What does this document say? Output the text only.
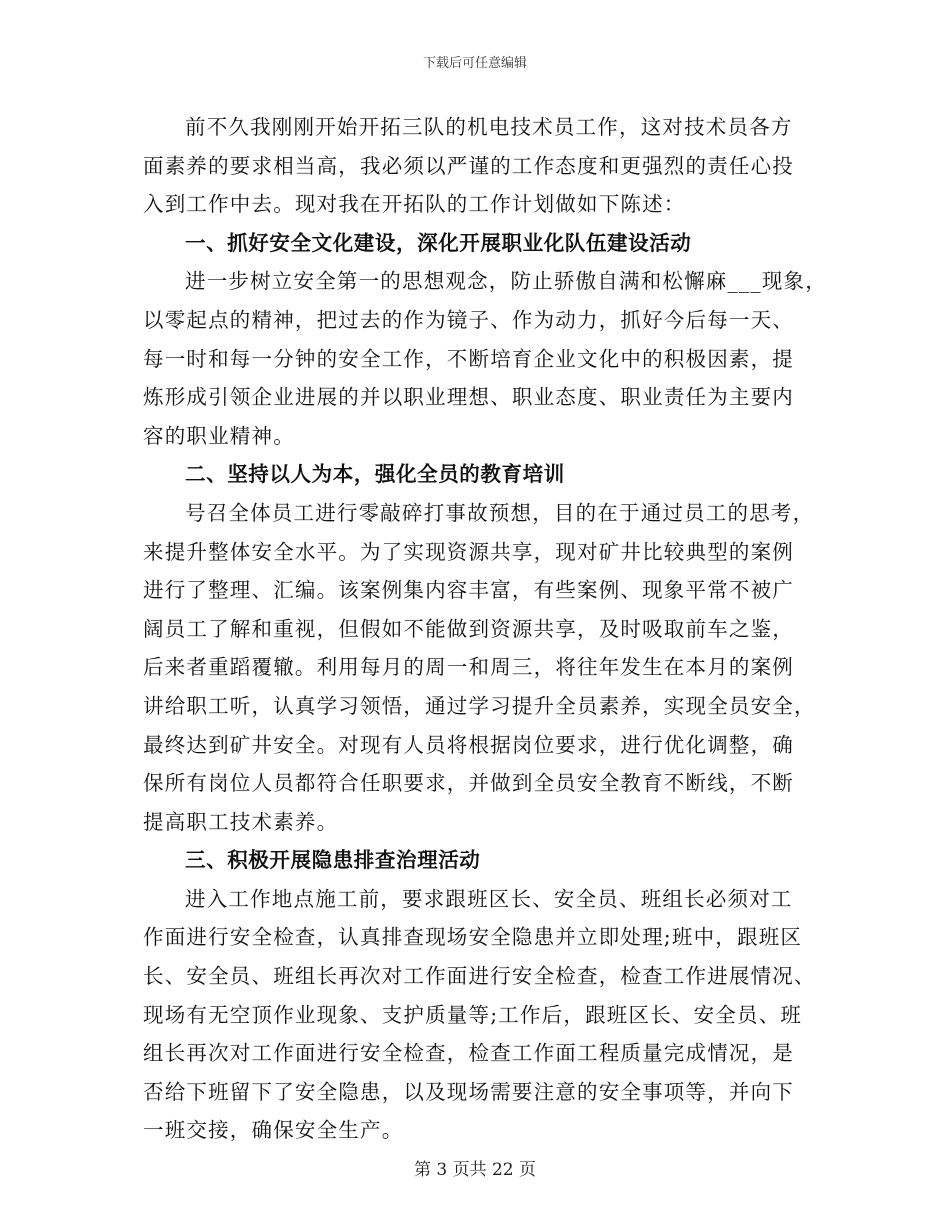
下载后可任意编辑
前不久我刚刚开始开拓三队的机电技术员工作，这对技术员各方
面素养的要求相当高，我必须以严谨的工作态度和更强烈的责任心投
入到工作中去。现对我在开拓队的工作计划做如下陈述：
一、抓好安全文化建设，深化开展职业化队伍建设活动
进一步树立安全第一的思想观念，防止骄傲自满和松懈麻___现象，
以零起点的精神，把过去的作为镜子、作为动力，抓好今后每一天、
每一时和每一分钟的安全工作，不断培育企业文化中的积极因素，提
炼形成引领企业进展的并以职业理想、职业态度、职业责任为主要内
容的职业精神。
二、坚持以人为本，强化全员的教育培训
号召全体员工进行零敲碎打事故预想，目的在于通过员工的思考，
来提升整体安全水平。为了实现资源共享，现对矿井比较典型的案例
进行了整理、汇编。该案例集内容丰富，有些案例、现象平常不被广
阔员工了解和重视，但假如不能做到资源共享，及时吸取前车之鉴，
后来者重蹈覆辙。利用每月的周一和周三，将往年发生在本月的案例
讲给职工听，认真学习领悟，通过学习提升全员素养，实现全员安全，
最终达到矿井安全。对现有人员将根据岗位要求，进行优化调整，确
保所有岗位人员都符合任职要求，并做到全员安全教育不断线，不断
提高职工技术素养。
三、积极开展隐患排查治理活动
进入工作地点施工前，要求跟班区长、安全员、班组长必须对工
作面进行安全检查，认真排查现场安全隐患并立即处理;班中，跟班区
长、安全员、班组长再次对工作面进行安全检查，检查工作进展情况、
现场有无空顶作业现象、支护质量等;工作后，跟班区长、安全员、班
组长再次对工作面进行安全检查，检查工作面工程质量完成情况，是
否给下班留下了安全隐患，以及现场需要注意的安全事项等，并向下
一班交接，确保安全生产。
第 3 页共 22 页
